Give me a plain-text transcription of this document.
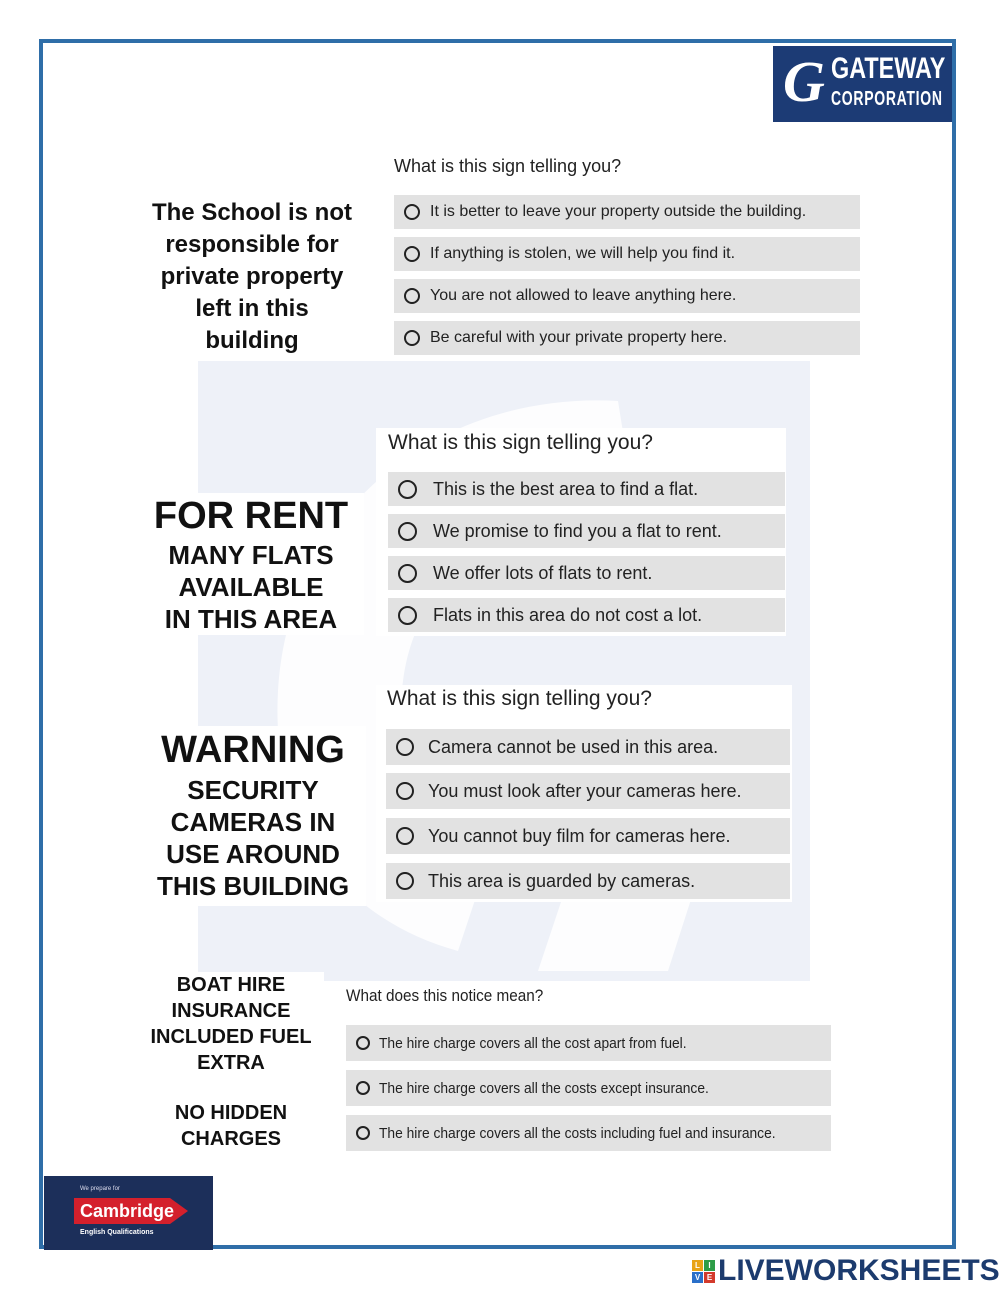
G GATEWAY
CORPORATION
The School is not
responsible for
private property
left in this
building
What is this sign telling you?
It is better to leave your property outside the building.
If anything is stolen, we will help you find it.
You are not allowed to leave anything here.
Be careful with your private property here.
FOR RENT
MANY FLATS
AVAILABLE
IN THIS AREA
What is this sign telling you?
This is the best area to find a flat.
We promise to find you a flat to rent.
We offer lots of flats to rent.
Flats in this area do not cost a lot.
WARNING
SECURITY
CAMERAS IN
USE AROUND
THIS BUILDING
What is this sign telling you?
Camera cannot be used in this area.
You must look after your cameras here.
You cannot buy film for cameras here.
This area is guarded by cameras.
BOAT HIRE
INSURANCE
INCLUDED FUEL
EXTRA
NO HIDDEN
CHARGES
What does this notice mean?
The hire charge covers all the cost apart from fuel.
The hire charge covers all the costs except insurance.
The hire charge covers all the costs including fuel and insurance.
We prepare for
Cambridge
English Qualifications
L	I
V E LIVEWORKSHEETS
